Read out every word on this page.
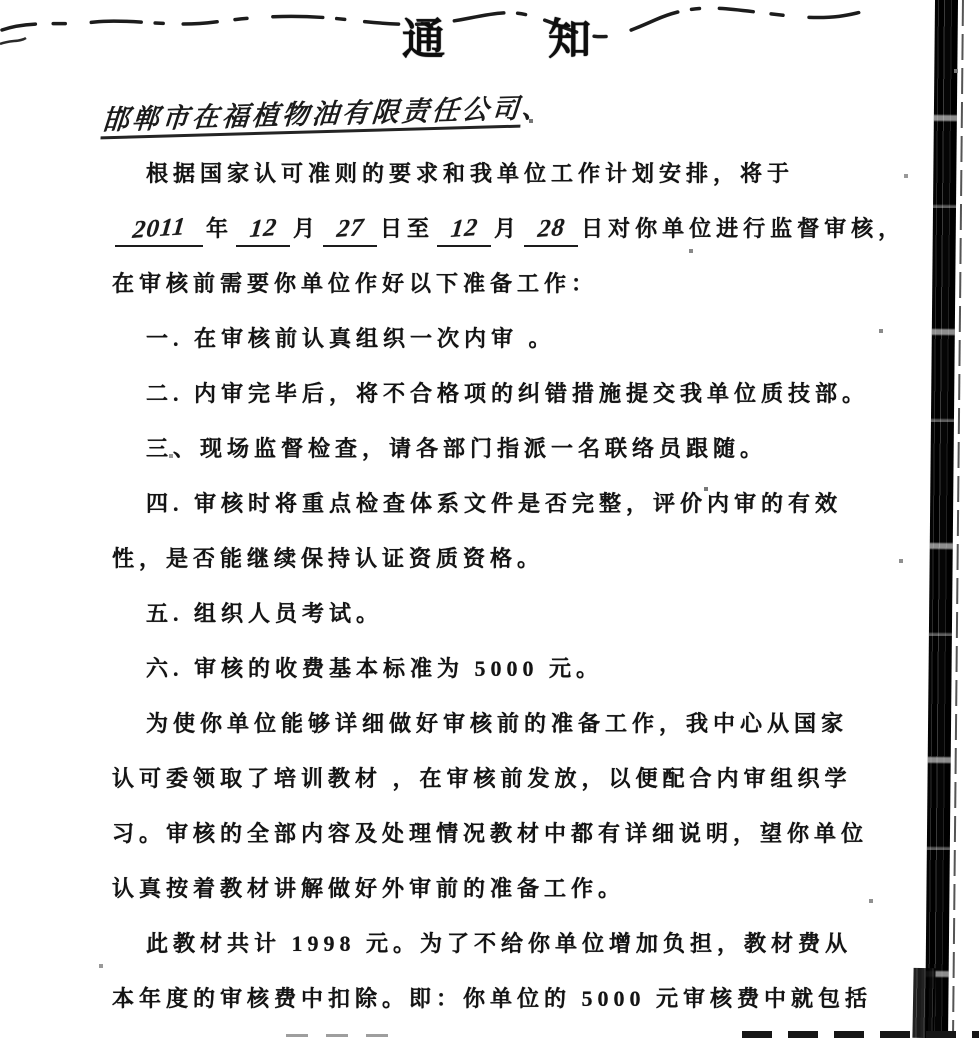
通　知
邯郸市在福植物油有限责任公司、
根据国家认可准则的要求和我单位工作计划安排，将于
2011 年 12 月 27 日至 12 月 28 日对你单位进行监督审核，
在审核前需要你单位作好以下准备工作：
一. 在审核前认真组织一次内审 。
二. 内审完毕后，将不合格项的纠错措施提交我单位质技部。
三、现场监督检查，请各部门指派一名联络员跟随。
四. 审核时将重点检查体系文件是否完整，评价内审的有效
性，是否能继续保持认证资质资格。
五. 组织人员考试。
六. 审核的收费基本标准为 5000 元。
为使你单位能够详细做好审核前的准备工作，我中心从国家
认可委领取了培训教材 ，在审核前发放，以便配合内审组织学
习。审核的全部内容及处理情况教材中都有详细说明，望你单位
认真按着教材讲解做好外审前的准备工作。
此教材共计 1998 元。为了不给你单位增加负担，教材费从
本年度的审核费中扣除。即：你单位的 5000 元审核费中就包括
